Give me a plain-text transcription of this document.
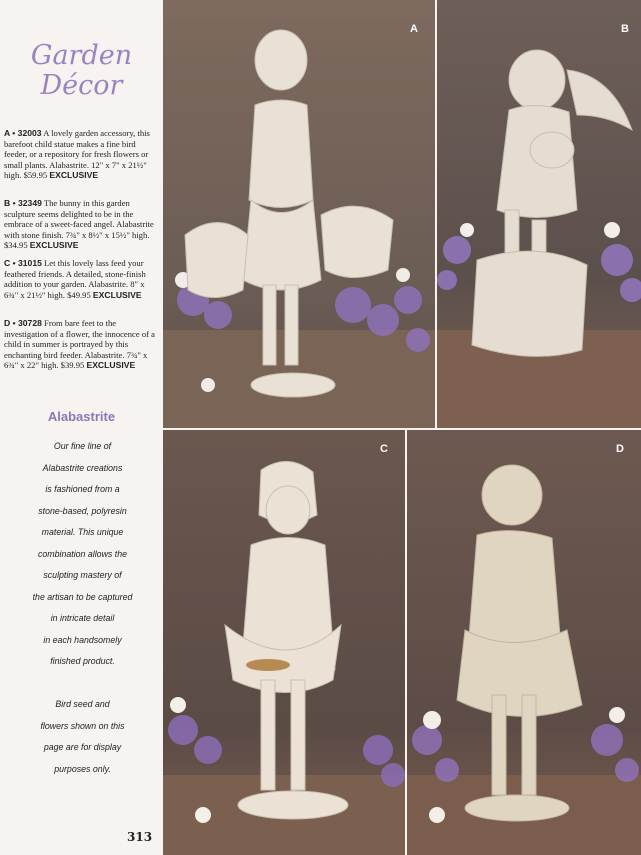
Garden
Décor
A • 32003 A lovely garden accessory, this barefoot child statue makes a fine bird feeder, or a repository for fresh flowers or small plants. Alabastrite. 12" x 7" x 21½" high. $59.95 EXCLUSIVE
B • 32349 The bunny in this garden sculpture seems delighted to be in the embrace of a sweet-faced angel. Alabastrite with stone finish. 7¾" x 8½" x 15½" high. $34.95 EXCLUSIVE
C • 31015 Let this lovely lass feed your feathered friends. A detailed, stone-finish addition to your garden. Alabastrite. 8" x 6¾" x 21½" high. $49.95 EXCLUSIVE
D • 30728 From bare feet to the investigation of a flower, the innocence of a child in summer is portrayed by this enchanting bird feeder. Alabastrite. 7¾" x 6¾" x 22" high. $39.95 EXCLUSIVE
Alabastrite
Our fine line of
Alabastrite creations
is fashioned from a
stone-based, polyresin
material. This unique
combination allows the
sculpting mastery of
the artisan to be captured
in intricate detail
in each handsomely
finished product.

Bird seed and
flowers shown on this
page are for display
purposes only.
313
A	B
C	D
